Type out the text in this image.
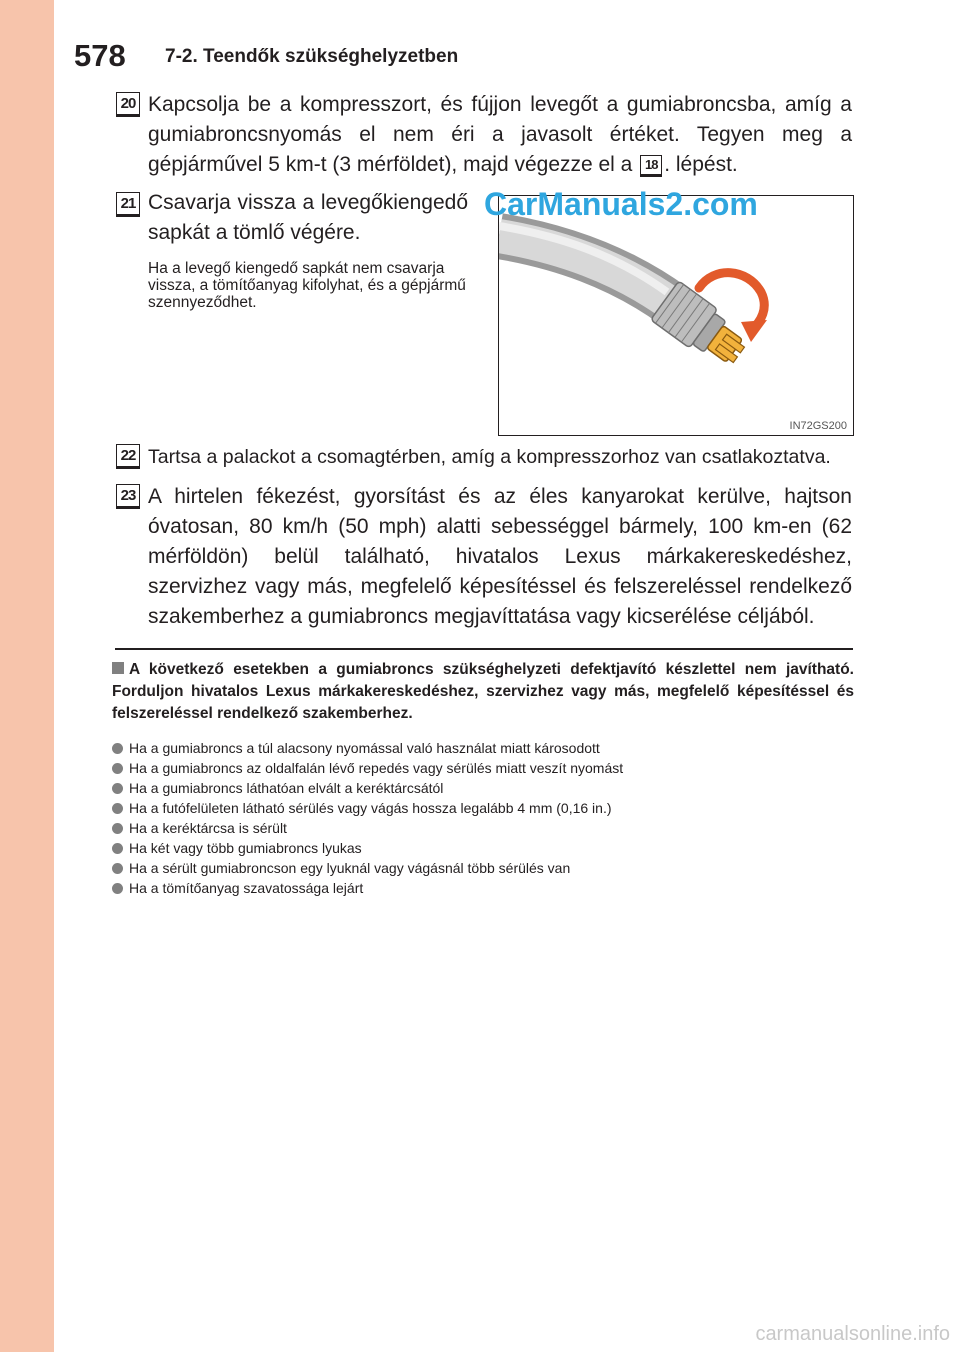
578 7-2. Teendők szükséghelyzetben
20 Kapcsolja be a kompresszort, és fújjon levegőt a gumiabroncsba, amíg a gumiabroncsnyomás el nem éri a javasolt értéket. Tegyen meg a gépjárművel 5 km-t (3 mérföldet), majd végezze el a 18 . lépést.
21 Csavarja vissza a levegőkiengedő sapkát a tömlő végére.
Ha a levegő kiengedő sapkát nem csavarja vissza, a tömítőanyag kifolyhat, és a gépjármű szennyeződhet.
IN72GS200
CarManuals2.com
22 Tartsa a palackot a csomagtérben, amíg a kompresszorhoz van csatlakoztatva.
23 A hirtelen fékezést, gyorsítást és az éles kanyarokat kerülve, hajtson óvatosan, 80 km/h (50 mph) alatti sebességgel bármely, 100 km-en (62 mérföldön) belül található, hivatalos Lexus márkakereskedéshez, szervizhez vagy más, megfelelő képesítéssel és felszereléssel rendelkező szakemberhez a gumiabroncs megjavíttatása vagy kicserélése céljából.
A következő esetekben a gumiabroncs szükséghelyzeti defektjavító készlettel nem javítható. Forduljon hivatalos Lexus márkakereskedéshez, szervizhez vagy más, megfelelő képesítéssel és felszereléssel rendelkező szakemberhez.
Ha a gumiabroncs a túl alacsony nyomással való használat miatt károsodott
Ha a gumiabroncs az oldalfalán lévő repedés vagy sérülés miatt veszít nyomást
Ha a gumiabroncs láthatóan elvált a keréktárcsától
Ha a futófelületen látható sérülés vagy vágás hossza legalább 4 mm (0,16 in.)
Ha a keréktárcsa is sérült
Ha két vagy több gumiabroncs lyukas
Ha a sérült gumiabroncson egy lyuknál vagy vágásnál több sérülés van
Ha a tömítőanyag szavatossága lejárt
carmanualsonline.info
